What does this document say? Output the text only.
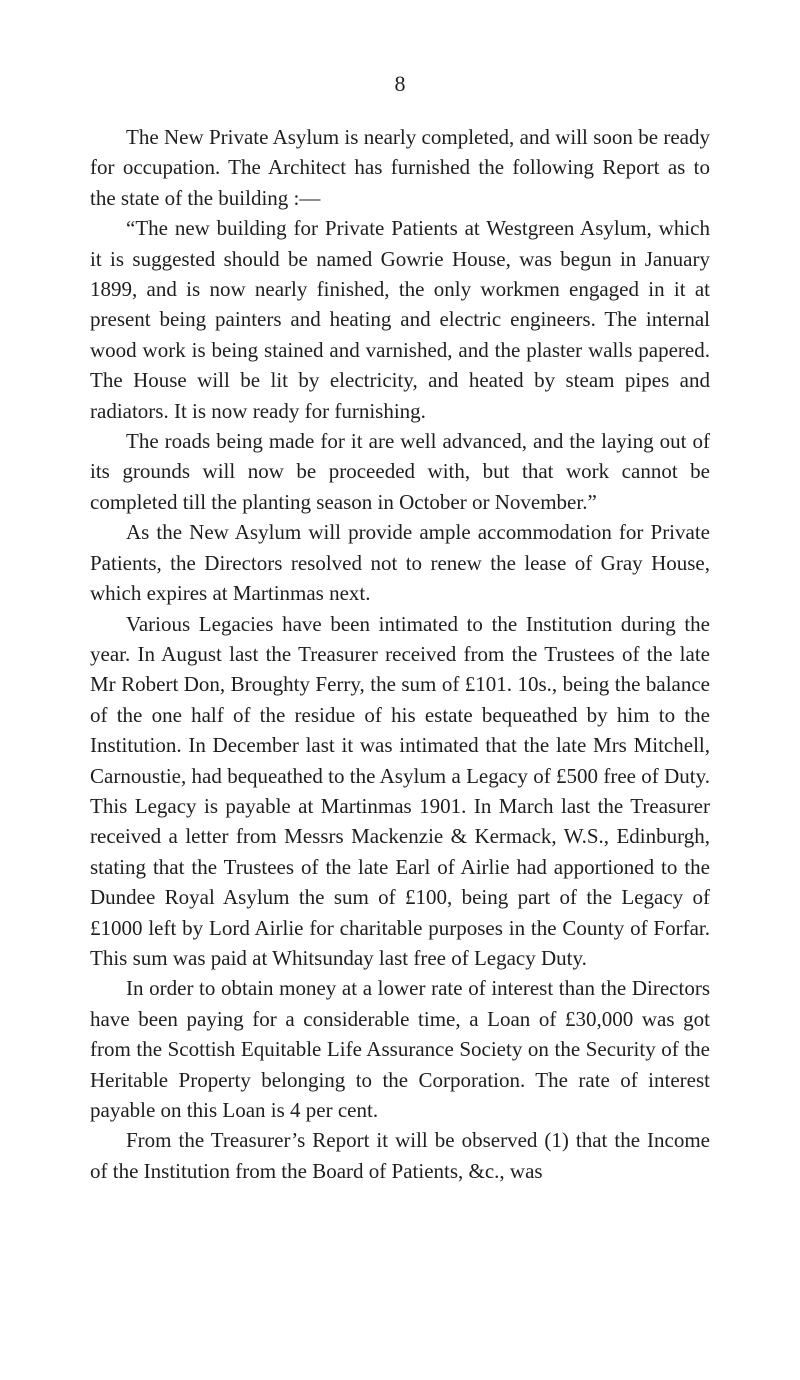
8

The New Private Asylum is nearly completed, and will soon be ready for occupation. The Architect has furnished the following Report as to the state of the building :—

“The new building for Private Patients at Westgreen Asylum, which it is suggested should be named Gowrie House, was begun in January 1899, and is now nearly finished, the only workmen engaged in it at present being painters and heating and electric engineers. The internal wood work is being stained and varnished, and the plaster walls papered. The House will be lit by electricity, and heated by steam pipes and radiators. It is now ready for furnishing.

The roads being made for it are well advanced, and the laying out of its grounds will now be proceeded with, but that work cannot be completed till the planting season in October or November.”

As the New Asylum will provide ample accommodation for Private Patients, the Directors resolved not to renew the lease of Gray House, which expires at Martinmas next.

Various Legacies have been intimated to the Institution during the year. In August last the Treasurer received from the Trustees of the late Mr Robert Don, Broughty Ferry, the sum of £101. 10s., being the balance of the one half of the residue of his estate bequeathed by him to the Institution. In December last it was intimated that the late Mrs Mitchell, Carnoustie, had bequeathed to the Asylum a Legacy of £500 free of Duty. This Legacy is payable at Martinmas 1901. In March last the Treasurer received a letter from Messrs Mackenzie & Kermack, W.S., Edinburgh, stating that the Trustees of the late Earl of Airlie had apportioned to the Dundee Royal Asylum the sum of £100, being part of the Legacy of £1000 left by Lord Airlie for charitable purposes in the County of Forfar. This sum was paid at Whitsunday last free of Legacy Duty.

In order to obtain money at a lower rate of interest than the Directors have been paying for a considerable time, a Loan of £30,000 was got from the Scottish Equitable Life Assurance Society on the Security of the Heritable Property belonging to the Corporation. The rate of interest payable on this Loan is 4 per cent.

From the Treasurer’s Report it will be observed (1) that the Income of the Institution from the Board of Patients, &c., was
